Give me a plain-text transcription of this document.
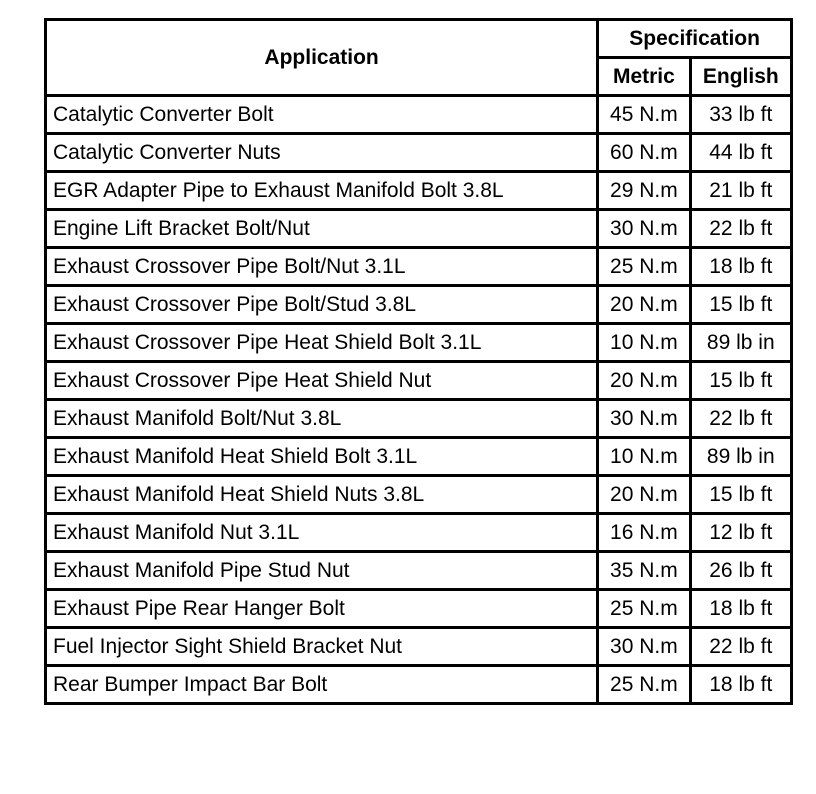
Application	Specification	
	Metric	English
Catalytic Converter Bolt	45 N.m	33 lb ft
Catalytic Converter Nuts	60 N.m	44 lb ft
EGR Adapter Pipe to Exhaust Manifold Bolt 3.8L	29 N.m	21 lb ft
Engine Lift Bracket Bolt/Nut	30 N.m	22 lb ft
Exhaust Crossover Pipe Bolt/Nut 3.1L	25 N.m	18 lb ft
Exhaust Crossover Pipe Bolt/Stud 3.8L	20 N.m	15 lb ft
Exhaust Crossover Pipe Heat Shield Bolt 3.1L	10 N.m	89 lb in
Exhaust Crossover Pipe Heat Shield Nut	20 N.m	15 lb ft
Exhaust Manifold Bolt/Nut 3.8L	30 N.m	22 lb ft
Exhaust Manifold Heat Shield Bolt 3.1L	10 N.m	89 lb in
Exhaust Manifold Heat Shield Nuts 3.8L	20 N.m	15 lb ft
Exhaust Manifold Nut 3.1L	16 N.m	12 lb ft
Exhaust Manifold Pipe Stud Nut	35 N.m	26 lb ft
Exhaust Pipe Rear Hanger Bolt	25 N.m	18 lb ft
Fuel Injector Sight Shield Bracket Nut	30 N.m	22 lb ft
Rear Bumper Impact Bar Bolt	25 N.m	18 lb ft
